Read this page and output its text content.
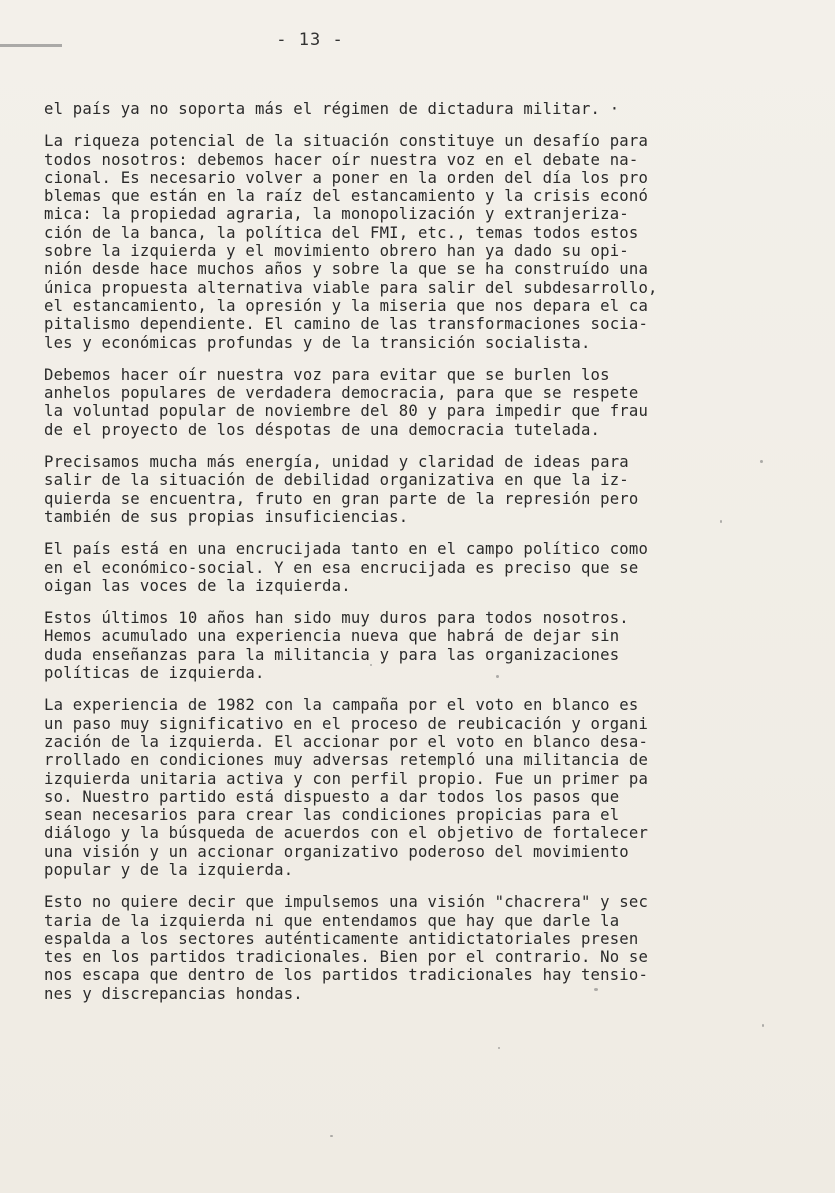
- 13 -

el país ya no soporta más el régimen de dictadura militar. ·

La riqueza potencial de la situación constituye un desafío para
todos nosotros: debemos hacer oír nuestra voz en el debate na-
cional. Es necesario volver a poner en la orden del día los pro
blemas que están en la raíz del estancamiento y la crisis econó
mica: la propiedad agraria, la monopolización y extranjeriza-
ción de la banca, la política del FMI, etc., temas todos estos
sobre la izquierda y el movimiento obrero han ya dado su opi-
nión desde hace muchos años y sobre la que se ha construído una
única propuesta alternativa viable para salir del subdesarrollo,
el estancamiento, la opresión y la miseria que nos depara el ca
pitalismo dependiente. El camino de las transformaciones socia-
les y económicas profundas y de la transición socialista.

Debemos hacer oír nuestra voz para evitar que se burlen los
anhelos populares de verdadera democracia, para que se respete
la voluntad popular de noviembre del 80 y para impedir que frau
de el proyecto de los déspotas de una democracia tutelada.

Precisamos mucha más energía, unidad y claridad de ideas para
salir de la situación de debilidad organizativa en que la iz-
quierda se encuentra, fruto en gran parte de la represión pero
también de sus propias insuficiencias.

El país está en una encrucijada tanto en el campo político como
en el económico-social. Y en esa encrucijada es preciso que se
oigan las voces de la izquierda.

Estos últimos 10 años han sido muy duros para todos nosotros.
Hemos acumulado una experiencia nueva que habrá de dejar sin
duda enseñanzas para la militancia y para las organizaciones
políticas de izquierda.

La experiencia de 1982 con la campaña por el voto en blanco es
un paso muy significativo en el proceso de reubicación y organi
zación de la izquierda. El accionar por el voto en blanco desa-
rrollado en condiciones muy adversas retempló una militancia de
izquierda unitaria activa y con perfil propio. Fue un primer pa
so. Nuestro partido está dispuesto a dar todos los pasos que
sean necesarios para crear las condiciones propicias para el
diálogo y la búsqueda de acuerdos con el objetivo de fortalecer
una visión y un accionar organizativo poderoso del movimiento
popular y de la izquierda.

Esto no quiere decir que impulsemos una visión "chacrera" y sec
taria de la izquierda ni que entendamos que hay que darle la
espalda a los sectores auténticamente antidictatoriales presen
tes en los partidos tradicionales. Bien por el contrario. No se
nos escapa que dentro de los partidos tradicionales hay tensio-
nes y discrepancias hondas.
